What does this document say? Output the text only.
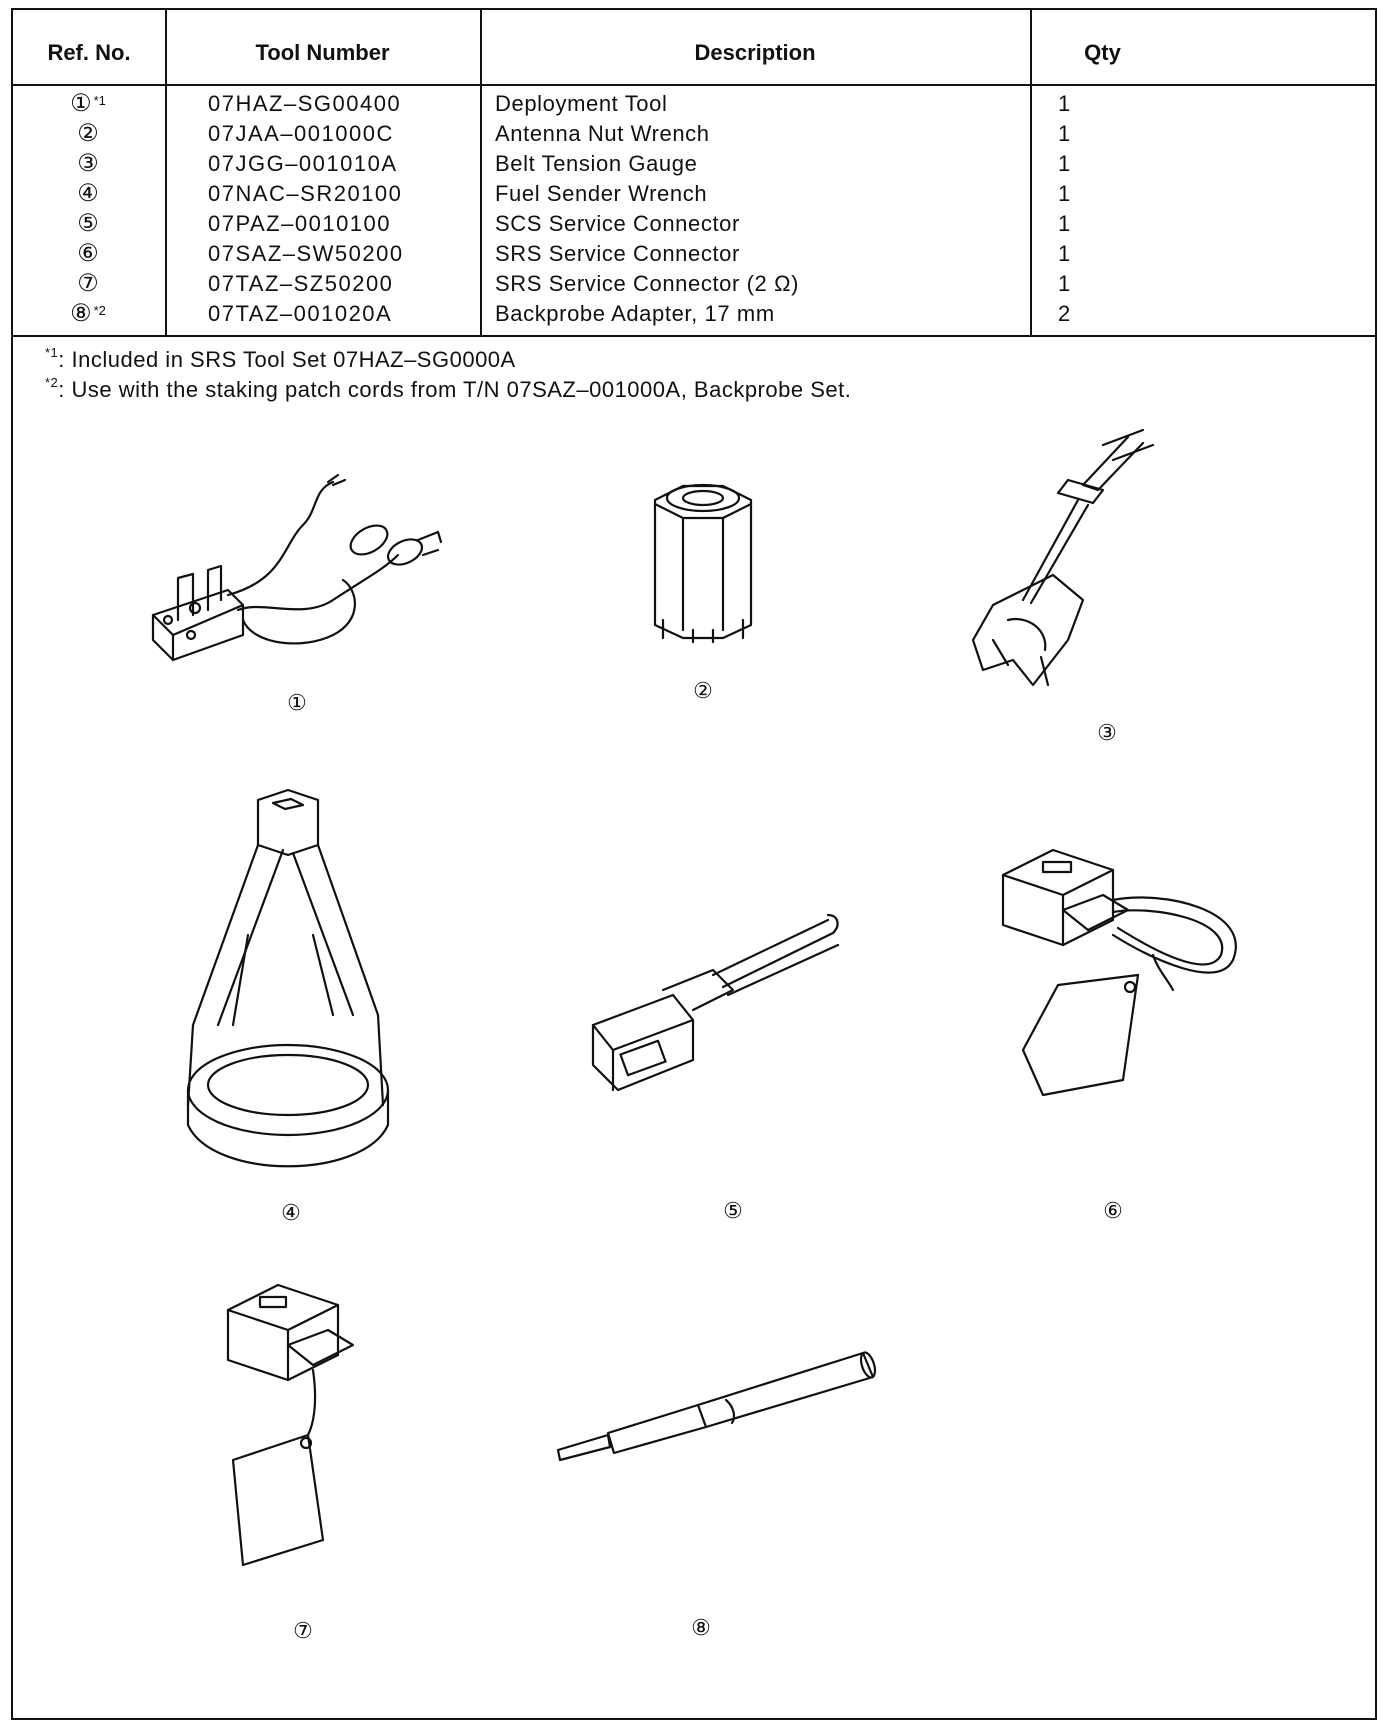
Ref. No.	Tool Number	Description	Qty
① $^{*1}$	07HAZ–SG00400	Deployment Tool	1
②	07JAA–001000C	Antenna Nut Wrench	1
③	07JGG–001010A	Belt Tension Gauge	1
④	07NAC–SR20100	Fuel Sender Wrench	1
⑤	07PAZ–0010100	SCS Service Connector	1
⑥	07SAZ–SW50200	SRS Service Connector	1
⑦	07TAZ–SZ50200	SRS Service Connector (2 Ω)	1
⑧ $^{*2}$	07TAZ–001020A	Backprobe Adapter, 17 mm	2
$^{*1}$: Included in SRS Tool Set 07HAZ–SG0000A
$^{*2}$: Use with the staking patch cords from T/N 07SAZ–001000A, Backprobe Set.
①	②
③
④	⑤	⑥
⑦	⑧
